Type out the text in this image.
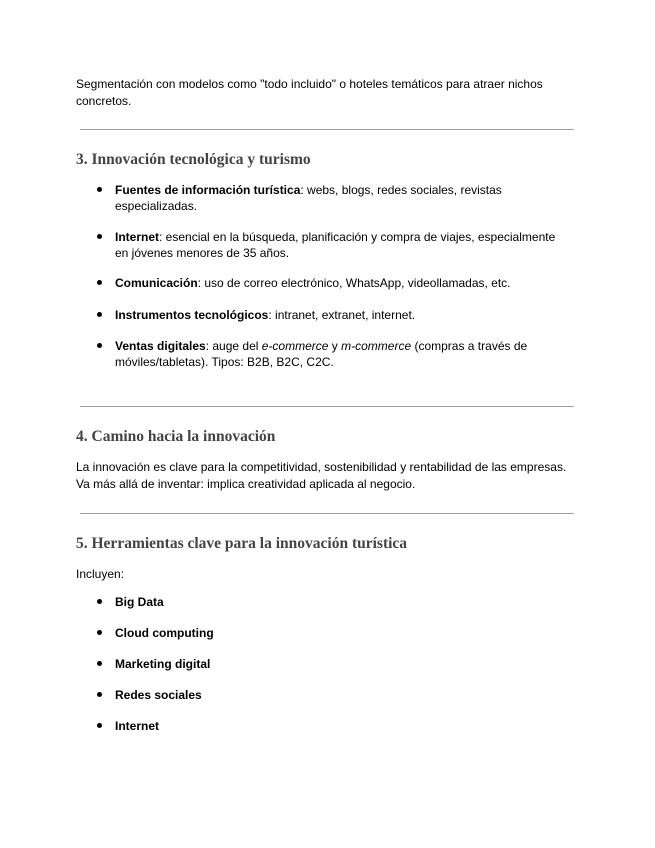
Segmentación con modelos como "todo incluido" o hoteles temáticos para atraer nichos concretos.
3. Innovación tecnológica y turismo
Fuentes de información turística: webs, blogs, redes sociales, revistas especializadas.
Internet: esencial en la búsqueda, planificación y compra de viajes, especialmente en jóvenes menores de 35 años.
Comunicación: uso de correo electrónico, WhatsApp, videollamadas, etc.
Instrumentos tecnológicos: intranet, extranet, internet.
Ventas digitales: auge del e-commerce y m-commerce (compras a través de móviles/tabletas). Tipos: B2B, B2C, C2C.
4. Camino hacia la innovación
La innovación es clave para la competitividad, sostenibilidad y rentabilidad de las empresas. Va más allá de inventar: implica creatividad aplicada al negocio.
5. Herramientas clave para la innovación turística
Incluyen:
Big Data
Cloud computing
Marketing digital
Redes sociales
Internet
